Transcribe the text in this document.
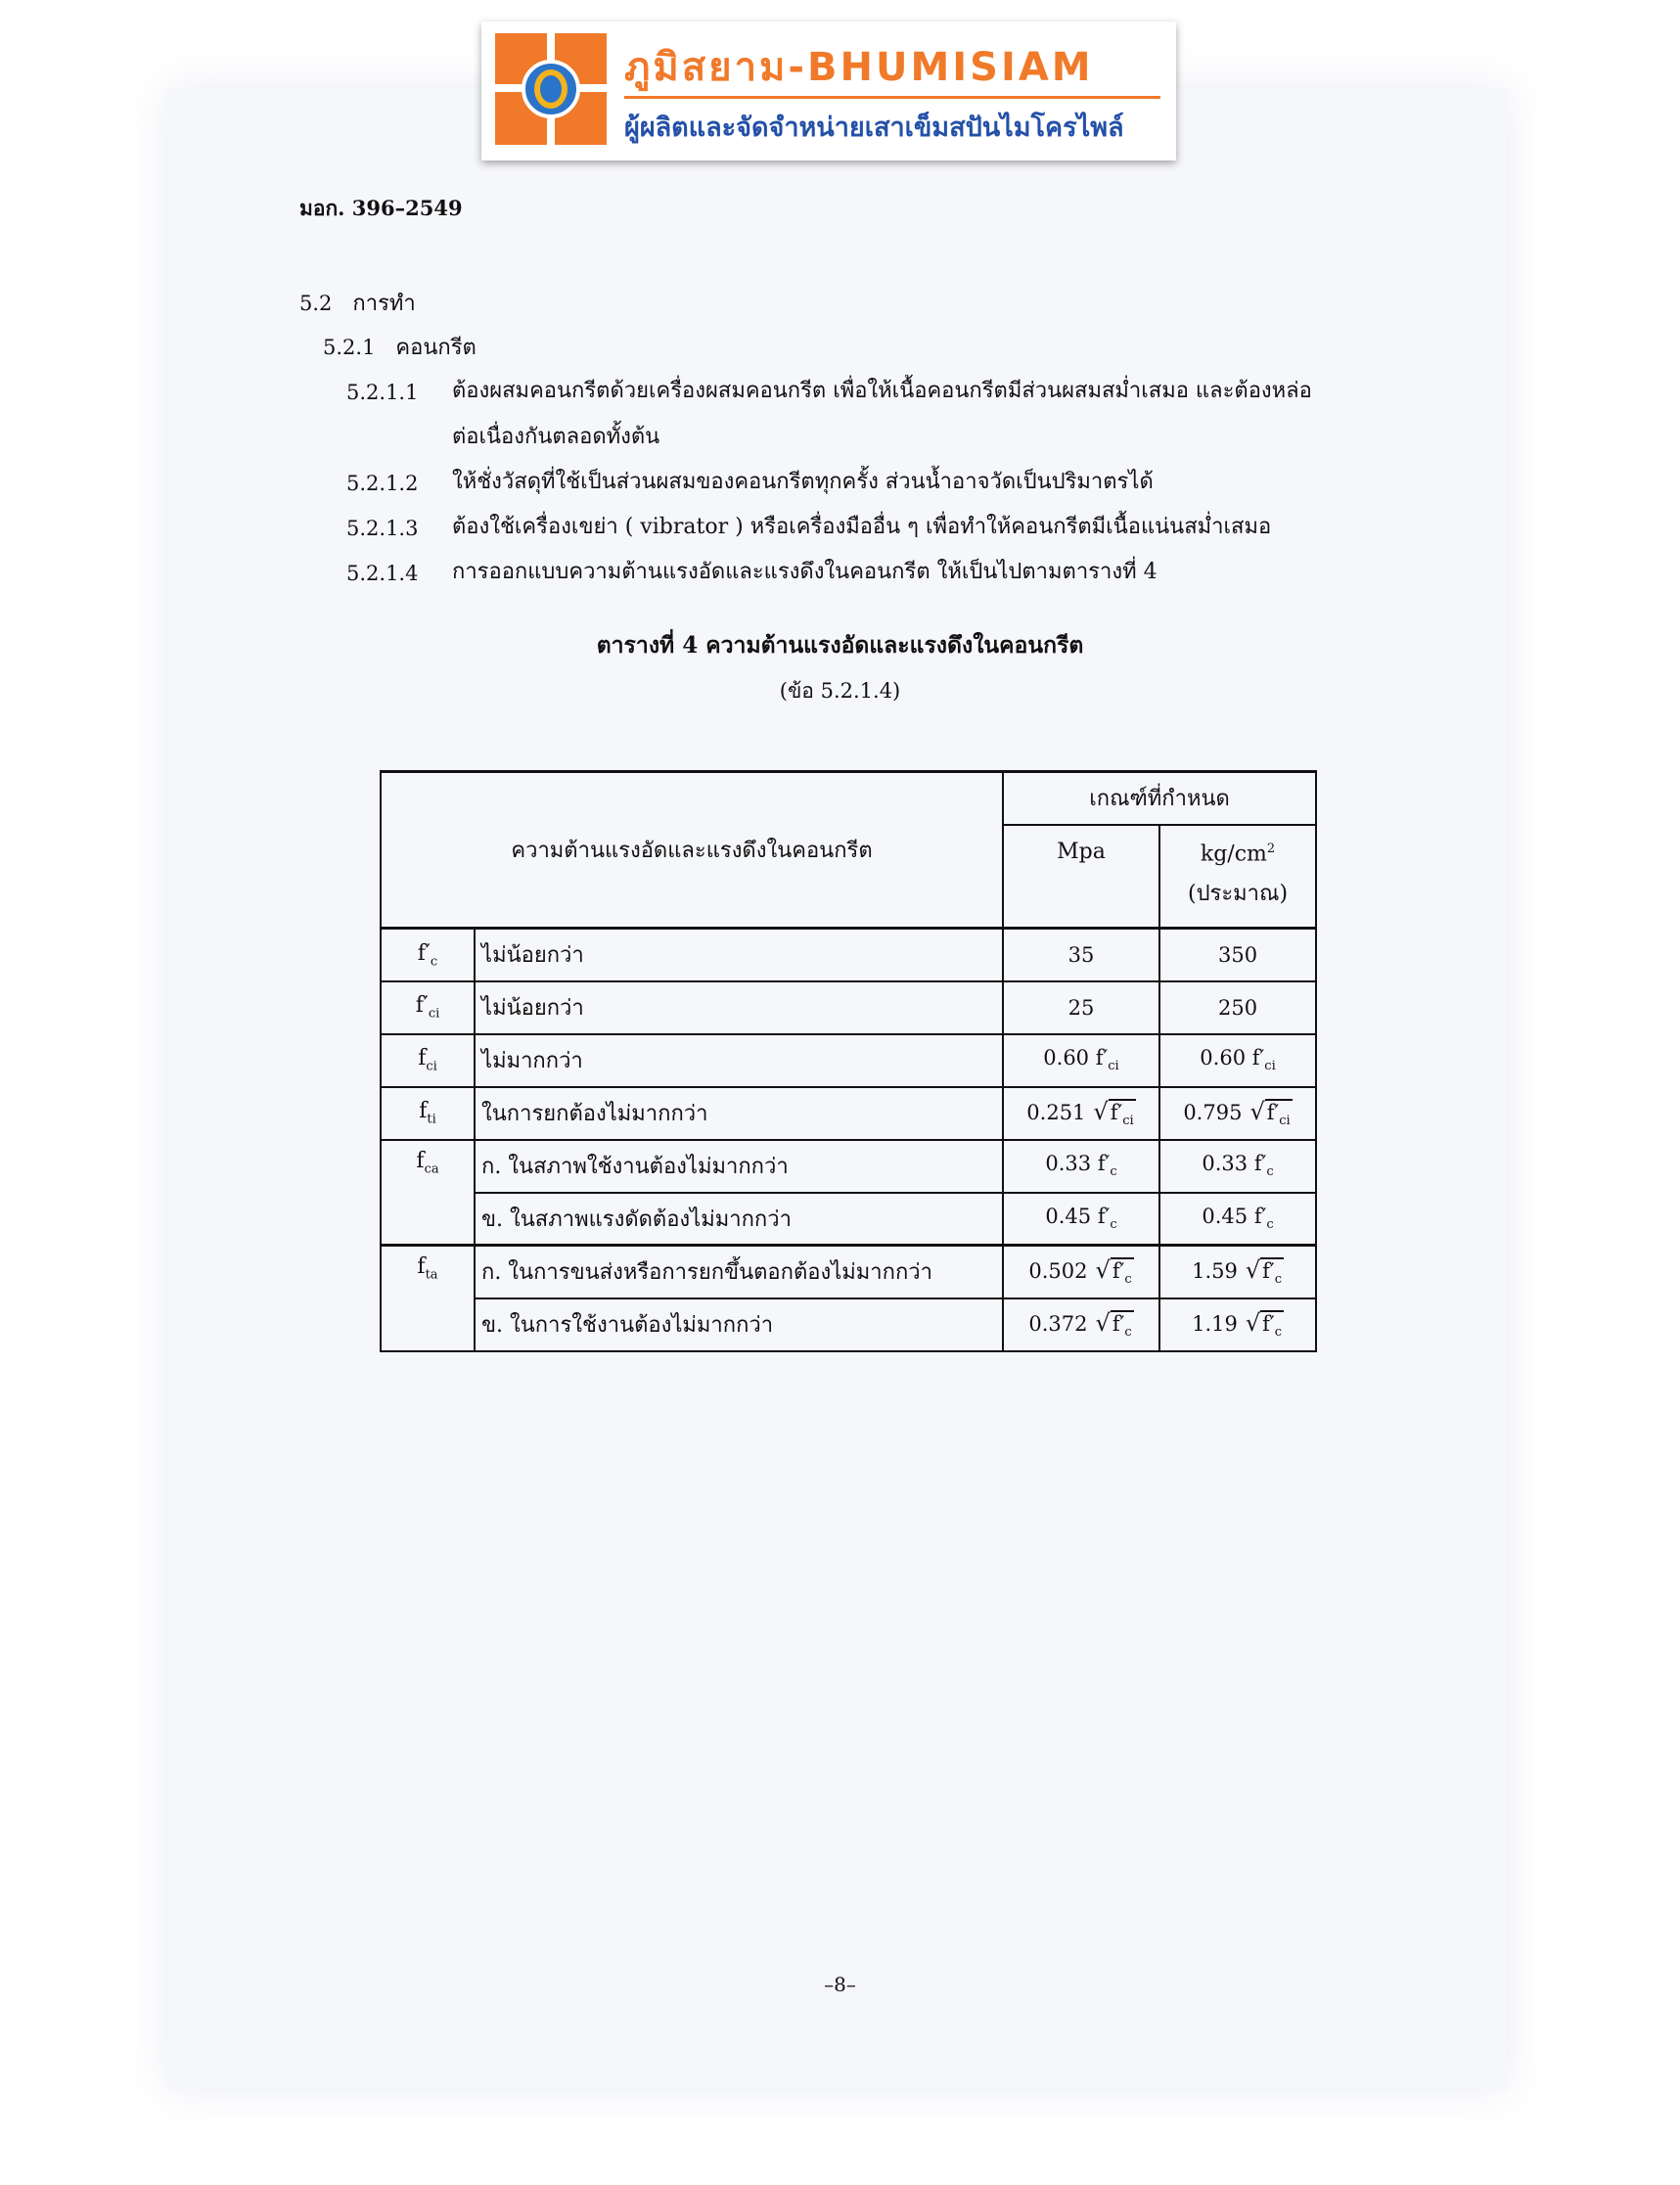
ภูมิสยาม-BHUMISIAM
ผู้ผลิตและจัดจำหน่ายเสาเข็มสปันไมโครไพล์
มอก. 396–2549
5.2 การทำ
5.2.1 คอนกรีต
5.2.1.1 ต้องผสมคอนกรีตด้วยเครื่องผสมคอนกรีต เพื่อให้เนื้อคอนกรีตมีส่วนผสมสม่ำเสมอ และต้องหล่อ
ต่อเนื่องกันตลอดทั้งต้น
5.2.1.2 ให้ชั่งวัสดุที่ใช้เป็นส่วนผสมของคอนกรีตทุกครั้ง ส่วนน้ำอาจวัดเป็นปริมาตรได้
5.2.1.3 ต้องใช้เครื่องเขย่า ( vibrator ) หรือเครื่องมืออื่น ๆ เพื่อทำให้คอนกรีตมีเนื้อแน่นสม่ำเสมอ
5.2.1.4 การออกแบบความต้านแรงอัดและแรงดึงในคอนกรีต ให้เป็นไปตามตารางที่ 4
ตารางที่ 4 ความต้านแรงอัดและแรงดึงในคอนกรีต
(ข้อ 5.2.1.4)
ความต้านแรงอัดและแรงดึงในคอนกรีต		เกณฑ์ที่กำหนด	
		Mpa	$kg/cm^2$
(ประมาณ)

$f'_c$	ไม่น้อยกว่า	35	350
$f'_{ci}$	ไม่น้อยกว่า	25	250
$f_{ci}$	ไม่มากกว่า	0.60 $f'_{ci}$	0.60 $f'_{ci}$
$f_{ti}$	ในการยกต้องไม่มากกว่า	0.251 $√f'_{ci}$	0.795 $√f'_{ci}$
$f_{ca}$	ก. ในสภาพใช้งานต้องไม่มากกว่า	0.33 $f'_c$	0.33 $f'_c$
	ข. ในสภาพแรงดัดต้องไม่มากกว่า	0.45 $f'_c$	0.45 $f'_c$
$f_{ta}$	ก. ในการขนส่งหรือการยกขึ้นตอกต้องไม่มากกว่า	0.502 $√f'_c$	1.59 $√f'_c$
	ข. ในการใช้งานต้องไม่มากกว่า	0.372 $√f'_c$	1.19 $√f'_c$
–8–
